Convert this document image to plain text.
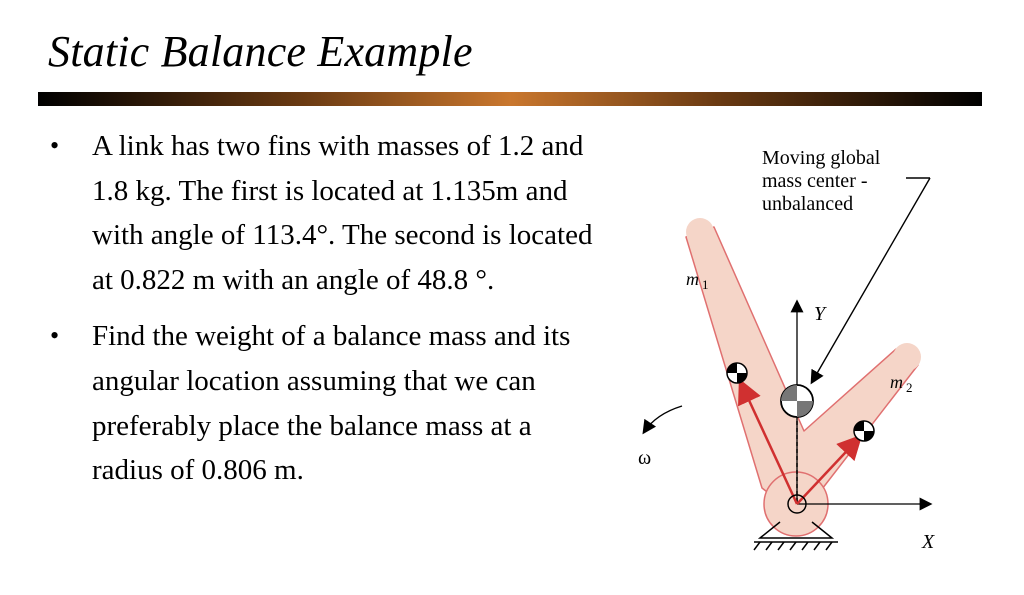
Static Balance Example
• A link has two fins with masses of 1.2 and 1.8 kg. The first is located at 1.135m and with angle of 113.4°. The second is located at 0.822 m with an angle of 48.8 °.
• Find the weight of a balance mass and its angular location assuming that we can preferably place the balance mass at a radius of 0.806 m.
Moving global mass center - unbalanced
Y
X
m $_1$
m $_2$
ω
